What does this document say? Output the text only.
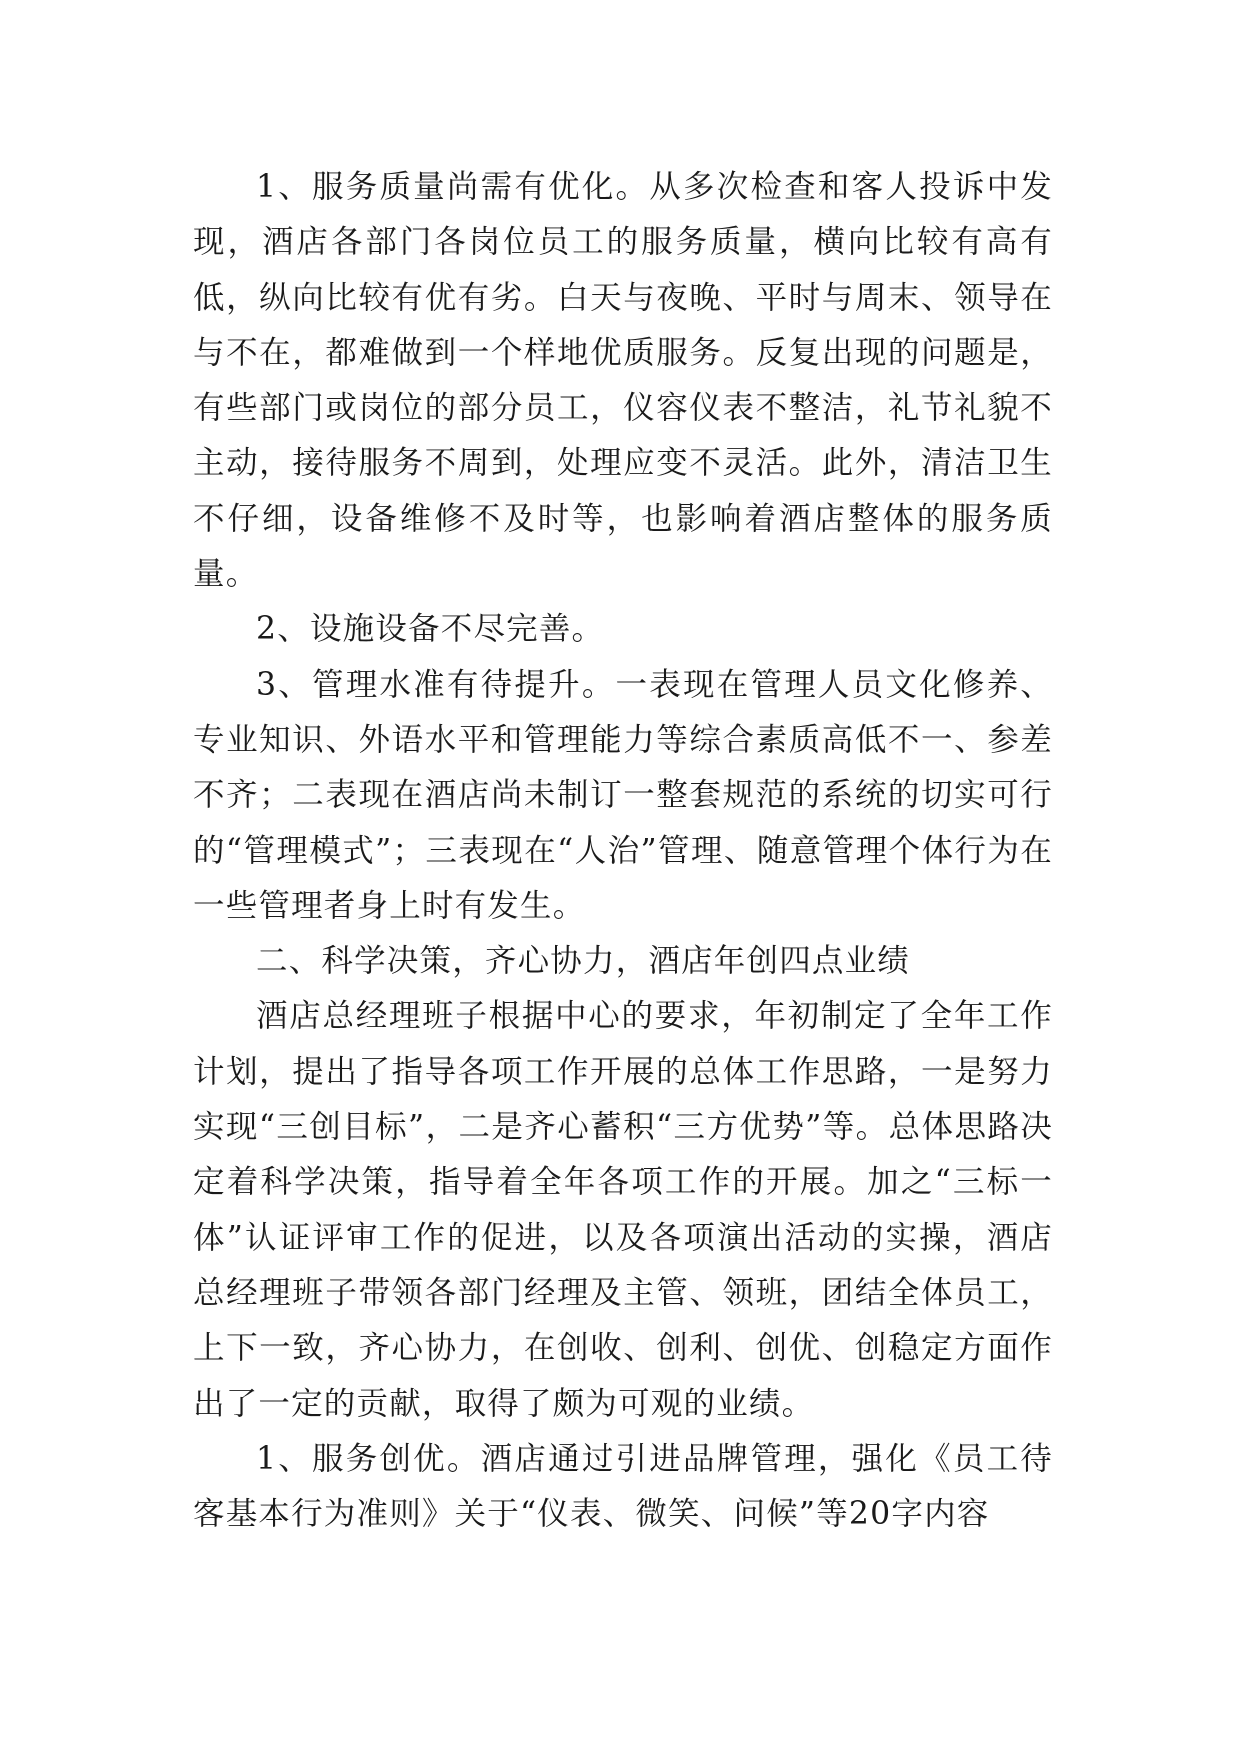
1、服务质量尚需有优化。从多次检查和客人投诉中发现，酒店各部门各岗位员工的服务质量，横向比较有高有低，纵向比较有优有劣。白天与夜晚、平时与周末、领导在与不在，都难做到一个样地优质服务。反复出现的问题是，有些部门或岗位的部分员工，仪容仪表不整洁，礼节礼貌不主动，接待服务不周到，处理应变不灵活。此外，清洁卫生不仔细，设备维修不及时等，也影响着酒店整体的服务质量。

2、设施设备不尽完善。

3、管理水准有待提升。一表现在管理人员文化修养、专业知识、外语水平和管理能力等综合素质高低不一、参差不齐；二表现在酒店尚未制订一整套规范的系统的切实可行的“管理模式”；三表现在“人治”管理、随意管理个体行为在一些管理者身上时有发生。

二、科学决策，齐心协力，酒店年创四点业绩

酒店总经理班子根据中心的要求，年初制定了全年工作计划，提出了指导各项工作开展的总体工作思路，一是努力实现“三创目标”，二是齐心蓄积“三方优势”等。总体思路决定着科学决策，指导着全年各项工作的开展。加之“三标一体”认证评审工作的促进，以及各项演出活动的实操，酒店总经理班子带领各部门经理及主管、领班，团结全体员工，上下一致，齐心协力，在创收、创利、创优、创稳定方面作出了一定的贡献，取得了颇为可观的业绩。

1、服务创优。酒店通过引进品牌管理，强化《员工待客基本行为准则》关于“仪表、微笑、问候”等20字内容
